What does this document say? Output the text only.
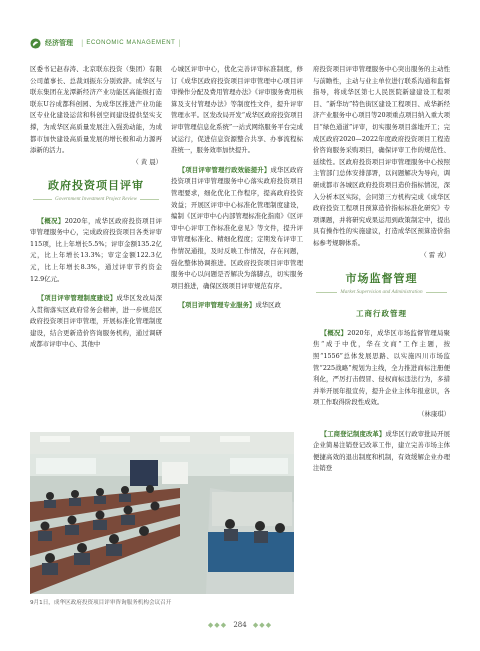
经济管理 | ECONOMIC MANAGEMENT |

区委书记赵春涛、北京联东投资（集团）有限公司董事长、总裁刘振东分别致辞。成华区与联东集团在龙潭新经济产业功能区高能级打造联东U谷成都科创园、为成华区推进产业功能区专业化建设运营和科创空间建设提供坚实支撑，为成华区高质量发展注入强劲动能，为成都市加快建设高质量发展的增长极和动力源再添新的活力。

（ 黄 晨）
政府投资项目评审
Government Investment Project Review

【概况】2020年，成华区政府投资项目评审管理服务中心，完成政府投资项目各类评审115项，比上年增长5.5%；评审金额135.2亿元，比上年增长13.3%；审定金额122.3亿元，比上年增长8.3%，通过评审节约资金12.9亿元。

【项目评审管理制度建设】成华区发改局深入贯彻落实区政府常务会精神，进一步规范区政府投资项目评审管理，开展标准化管理制度建设，结合更新造价咨询服务机构，通过调研成都市评审中心、其他中

心城区评审中心，优化完善评审标准制度，修订《成华区政府投资项目评审管理中心项目评审操作分配及费用管理办法》《评审服务费用核算及支付管理办法》等制度性文件，提升评审管理水平。区发改局开发“成华区政府投资项目评审管理信息化系统”一站式网络服务平台完成试运行，促进信息资源整合共享、办事流程标准统一，服务效率加快提升。

【项目评审管理行政效能提升】成华区政府投资项目评审管理服务中心落实政府投资项目管理要求，细化优化工作程序，提高政府投资效益；开展区评审中心标准化管理制度建设，编制《区评审中心内部管理标准化指南》《区评审中心评审工作标准化意见》等文件，提升评审管理标准化、精细化程度；定期发布评审工作情况通报，及时反映工作情况，存在问题，强化整体协调推进。区政府投资项目评审管理服务中心以问题是否解决为落脚点，切实服务项目推进，确保区级项目评审规范有序。

【项目评审管理专业服务】成华区政

府投资项目评审管理服务中心突出服务的主动性与前瞻性，主动与业主单位进行联系沟通和监督指导，将成华区第七人民医院新建建设工程项目、“新华坊”特色街区建设工程项目、成华新经济产业服务中心项目等20项重点项目纳入重大项目“绿色通道”评审，切实服务项目落地开工；完成区政府2020—2022年度政府投资项目工程造价咨询服务采购项目，确保评审工作的规范性、延续性。区政府投资项目评审管理服务中心按照主管部门总体安排部署，以问题解决为导向，调研成都市各城区政府投资项目造价指标情况，深入分析本区实际，会同第三方机构完成《成华区政府投资工程项目预算造价指标标准化研究》专项课题，并将研究成果运用到政策制定中，提出具有操作性的实施建议，打造成华区预算造价指标参考规聊体系。

（ 雷 戎）
市场监督管理
Market Supervision and Administration
工商行政管理

【概况】2020年，成华区市场监督管理局聚焦“成于中优，华在文商”工作主题，按照“1556”总体发展思路、以实施四川市场监管“225战略”规划为主线，全力推进商标注册便利化，严厉打击假冒、侵权商标违法行为，多措并举开展年报宣传，提升企业主体年报意识，各项工作取得阶段性成效。

（林康琪）

【工商登记制度改革】成华区行政审批局开展企业简易注销登记改革工作，建立完善市场主体便捷高效的退出制度和机制，有效缓解企业办理注销登

9月1日，成华区政府投资项目评审咨询服务机构会议召开
◆◆◆ 284 ◆◆◆
